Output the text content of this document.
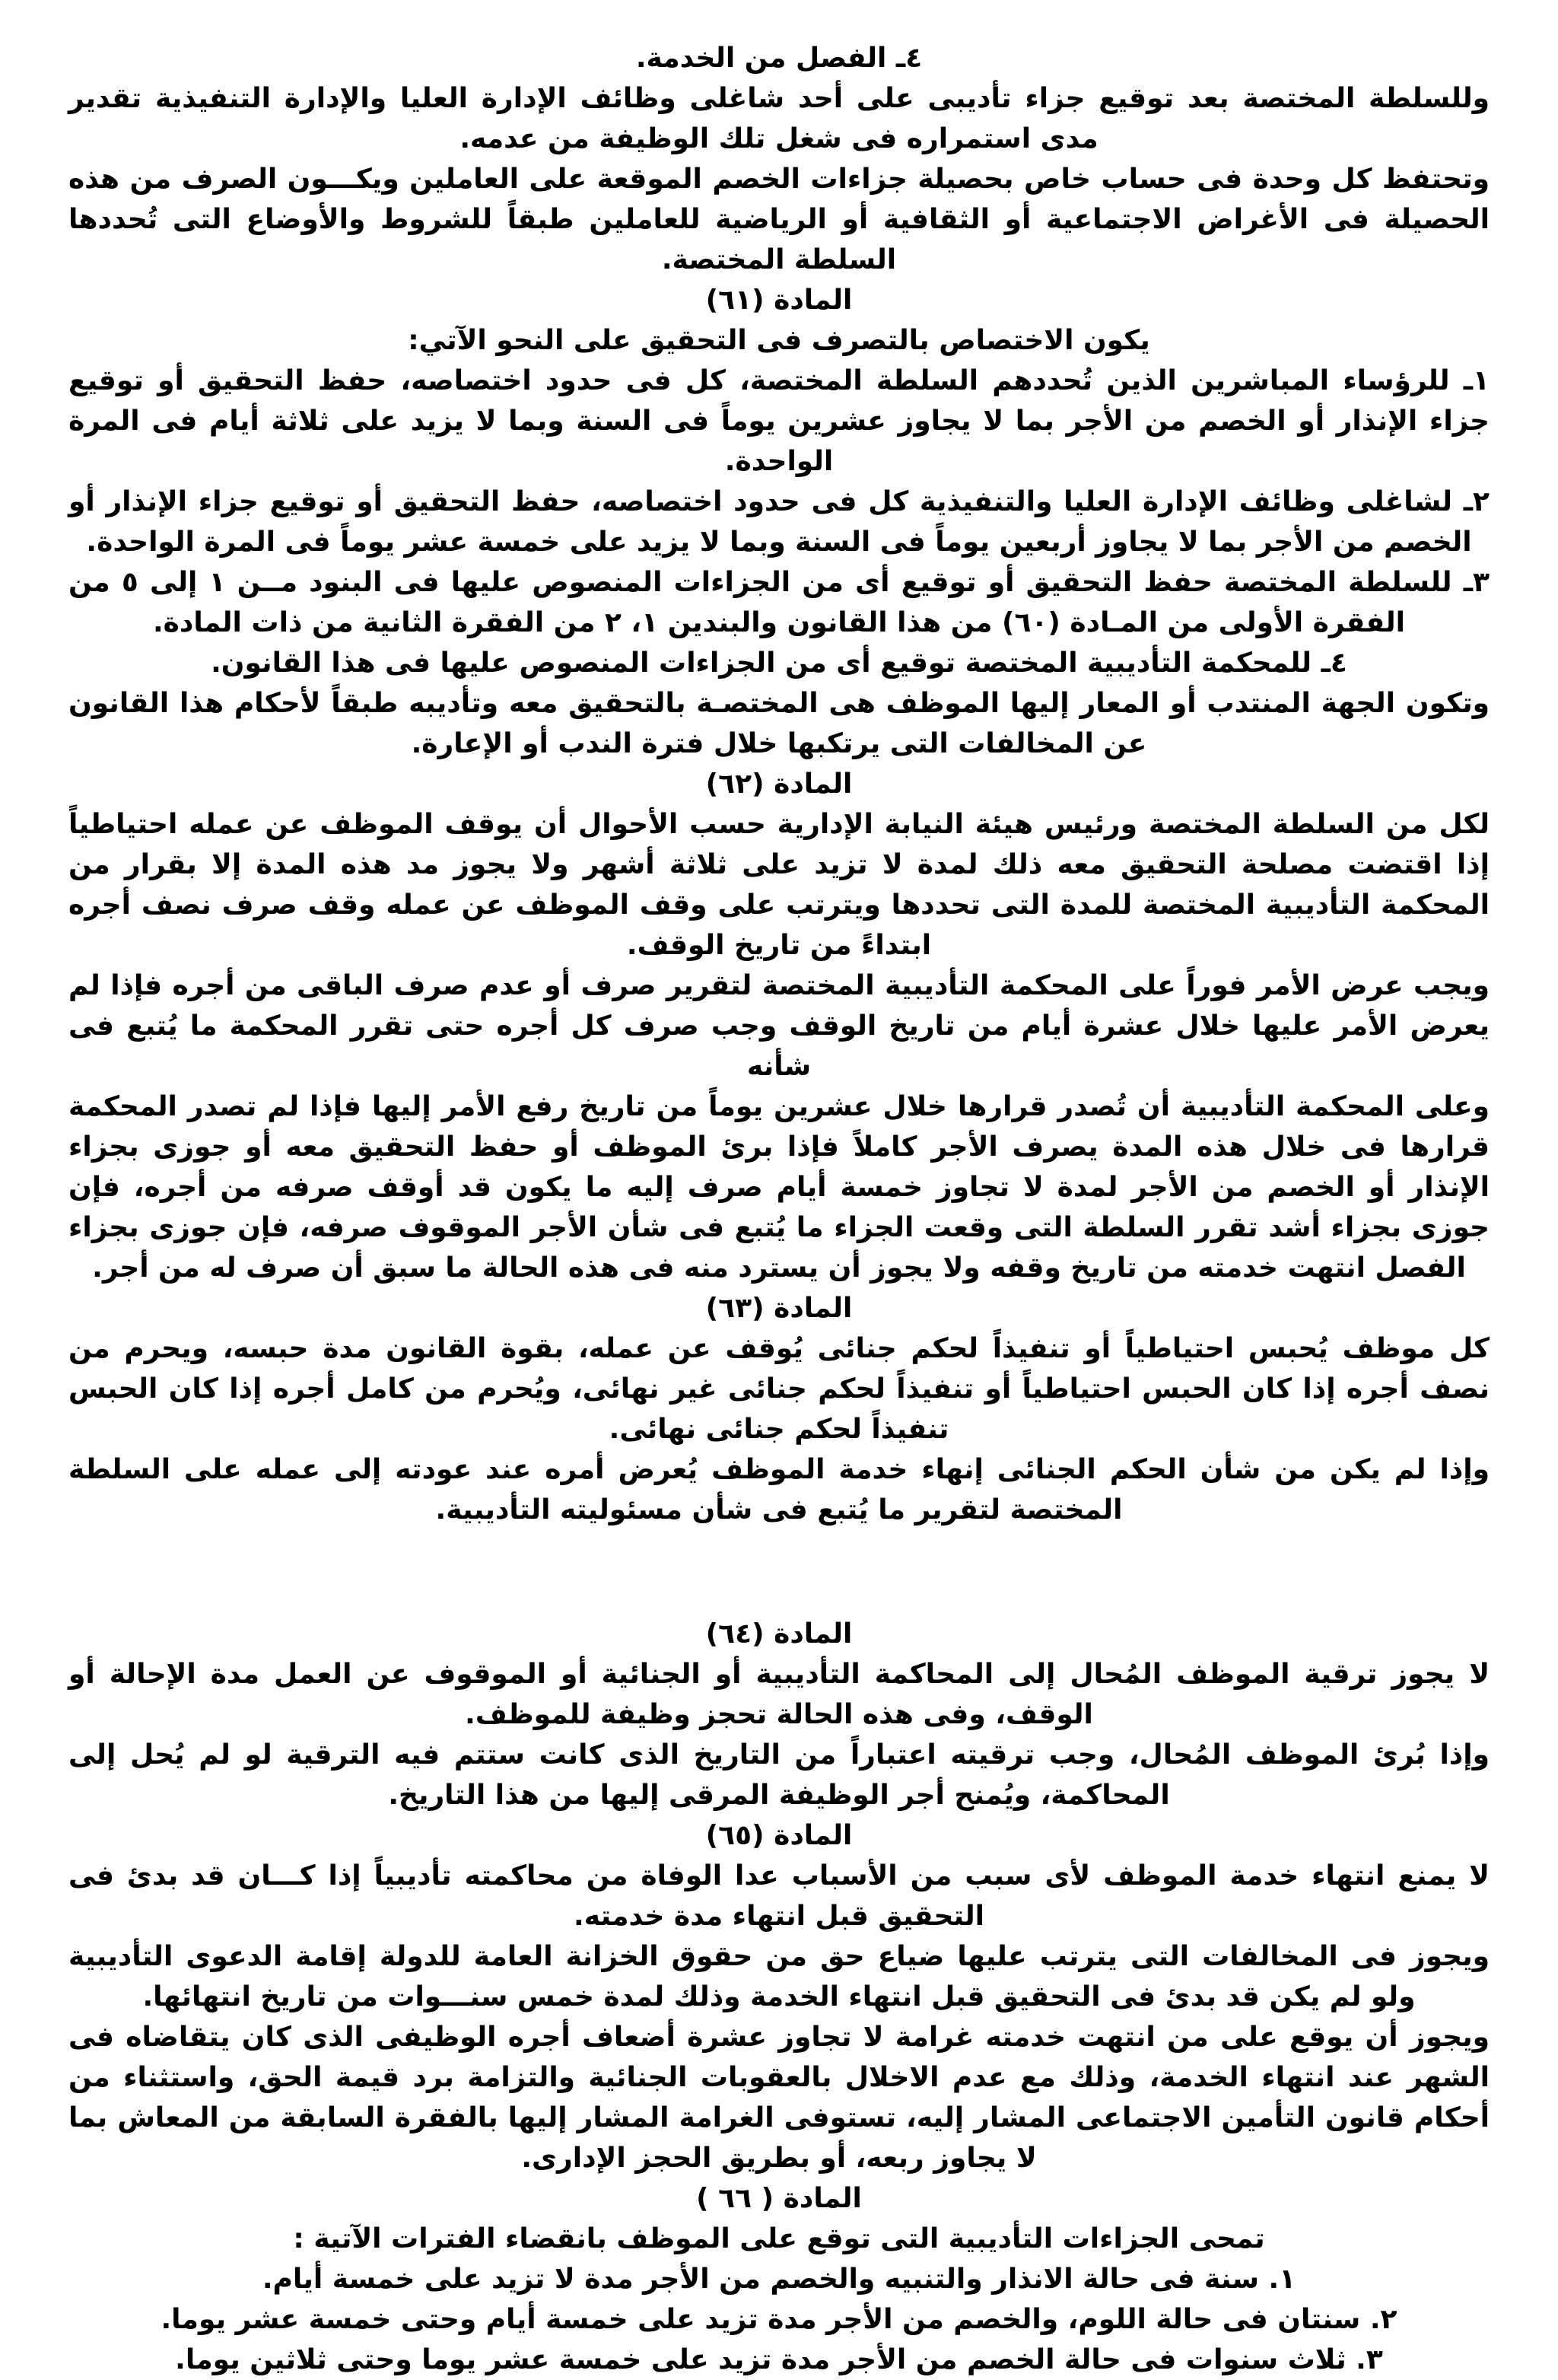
٤ـ الفصل من الخدمة.

وللسلطة المختصة بعد توقيع جزاء تأديبى على أحد شاغلى وظائف الإدارة العليا والإدارة التنفيذية تقدير مدى استمراره فى شغل تلك الوظيفة من عدمه.

وتحتفظ كل وحدة فى حساب خاص بحصيلة جزاءات الخصم الموقعة على العاملين ويكـــون الصرف من هذه الحصيلة فى الأغراض الاجتماعية أو الثقافية أو الرياضية للعاملين طبقاً للشروط والأوضاع التى تُحددها السلطة المختصة.

المادة (٦١)

يكون الاختصاص بالتصرف فى التحقيق على النحو الآتي:

١ـ للرؤساء المباشرين الذين تُحددهم السلطة المختصة، كل فى حدود اختصاصه، حفظ التحقيق أو توقيع جزاء الإنذار أو الخصم من الأجر بما لا يجاوز عشرين يوماً فى السنة وبما لا يزيد على ثلاثة أيام فى المرة الواحدة.

٢ـ لشاغلى وظائف الإدارة العليا والتنفيذية كل فى حدود اختصاصه، حفظ التحقيق أو توقيع جزاء الإنذار أو الخصم من الأجر بما لا يجاوز أربعين يوماً فى السنة وبما لا يزيد على خمسة عشر يوماً فى المرة الواحدة.

٣ـ للسلطة المختصة حفظ التحقيق أو توقيع أى من الجزاءات المنصوص عليها فى البنود مــن ١ إلى ٥ من الفقرة الأولى من المـادة (٦٠) من هذا القانون والبندين ١، ٢ من الفقرة الثانية من ذات المادة.

٤ـ للمحكمة التأديبية المختصة توقيع أى من الجزاءات المنصوص عليها فى هذا القانون.

وتكون الجهة المنتدب أو المعار إليها الموظف هى المختصـة بالتحقيق معه وتأديبه طبقاً لأحكام هذا القانون عن المخالفات التى يرتكبها خلال فترة الندب أو الإعارة.

المادة (٦٢)

لكل من السلطة المختصة ورئيس هيئة النيابة الإدارية حسب الأحوال أن يوقف الموظف عن عمله احتياطياً إذا اقتضت مصلحة التحقيق معه ذلك لمدة لا تزيد على ثلاثة أشهر ولا يجوز مد هذه المدة إلا بقرار من المحكمة التأديبية المختصة للمدة التى تحددها ويترتب على وقف الموظف عن عمله وقف صرف نصف أجره ابتداءً من تاريخ الوقف.

ويجب عرض الأمر فوراً على المحكمة التأديبية المختصة لتقرير صرف أو عدم صرف الباقى من أجره فإذا لم يعرض الأمر عليها خلال عشرة أيام من تاريخ الوقف وجب صرف كل أجره حتى تقرر المحكمة ما يُتبع فى شأنه

وعلى المحكمة التأديبية أن تُصدر قرارها خلال عشرين يوماً من تاريخ رفع الأمر إليها فإذا لم تصدر المحكمة قرارها فى خلال هذه المدة يصرف الأجر كاملاً فإذا برئ الموظف أو حفظ التحقيق معه أو جوزى بجزاء الإنذار أو الخصم من الأجر لمدة لا تجاوز خمسة أيام صرف إليه ما يكون قد أوقف صرفه من أجره، فإن جوزى بجزاء أشد تقرر السلطة التى وقعت الجزاء ما يُتبع فى شأن الأجر الموقوف صرفه، فإن جوزى بجزاء الفصل انتهت خدمته من تاريخ وقفه ولا يجوز أن يسترد منه فى هذه الحالة ما سبق أن صرف له من أجر.

المادة (٦٣)

كل موظف يُحبس احتياطياً أو تنفيذاً لحكم جنائى يُوقف عن عمله، بقوة القانون مدة حبسه، ويحرم من نصف أجره إذا كان الحبس احتياطياً أو تنفيذاً لحكم جنائى غير نهائى، ويُحرم من كامل أجره إذا كان الحبس تنفيذاً لحكم جنائى نهائى.

وإذا لم يكن من شأن الحكم الجنائى إنهاء خدمة الموظف يُعرض أمره عند عودته إلى عمله على السلطة المختصة لتقرير ما يُتبع فى شأن مسئوليته التأديبية.

المادة (٦٤)

لا يجوز ترقية الموظف المُحال إلى المحاكمة التأديبية أو الجنائية أو الموقوف عن العمل مدة الإحالة أو الوقف، وفى هذه الحالة تحجز وظيفة للموظف.

وإذا بُرئ الموظف المُحال، وجب ترقيته اعتباراً من التاريخ الذى كانت ستتم فيه الترقية لو لم يُحل إلى المحاكمة، ويُمنح أجر الوظيفة المرقى إليها من هذا التاريخ.

المادة (٦٥)

لا يمنع انتهاء خدمة الموظف لأى سبب من الأسباب عدا الوفاة من محاكمته تأديبياً إذا كـــان قد بدئ فى التحقيق قبل انتهاء مدة خدمته.

ويجوز فى المخالفات التى يترتب عليها ضياع حق من حقوق الخزانة العامة للدولة إقامة الدعوى التأديبية ولو لم يكن قد بدئ فى التحقيق قبل انتهاء الخدمة وذلك لمدة خمس سنـــوات من تاريخ انتهائها.

ويجوز أن يوقع على من انتهت خدمته غرامة لا تجاوز عشرة أضعاف أجره الوظيفى الذى كان يتقاضاه فى الشهر عند انتهاء الخدمة، وذلك مع عدم الاخلال بالعقوبات الجنائية والتزامة برد قيمة الحق، واستثناء من أحكام قانون التأمين الاجتماعى المشار إليه، تستوفى الغرامة المشار إليها بالفقرة السابقة من المعاش بما لا يجاوز ربعه، أو بطريق الحجز الإدارى.

المادة ( ٦٦ )

تمحى الجزاءات التأديبية التى توقع على الموظف بانقضاء الفترات الآتية :

١. سنة فى حالة الانذار والتنبيه والخصم من الأجر مدة لا تزيد على خمسة أيام.

٢. سنتان فى حالة اللوم، والخصم من الأجر مدة تزيد على خمسة أيام وحتى خمسة عشر يوما.

٣. ثلاث سنوات فى حالة الخصم من الأجر مدة تزيد على خمسة عشر يوما وحتى ثلاثين يوما.
